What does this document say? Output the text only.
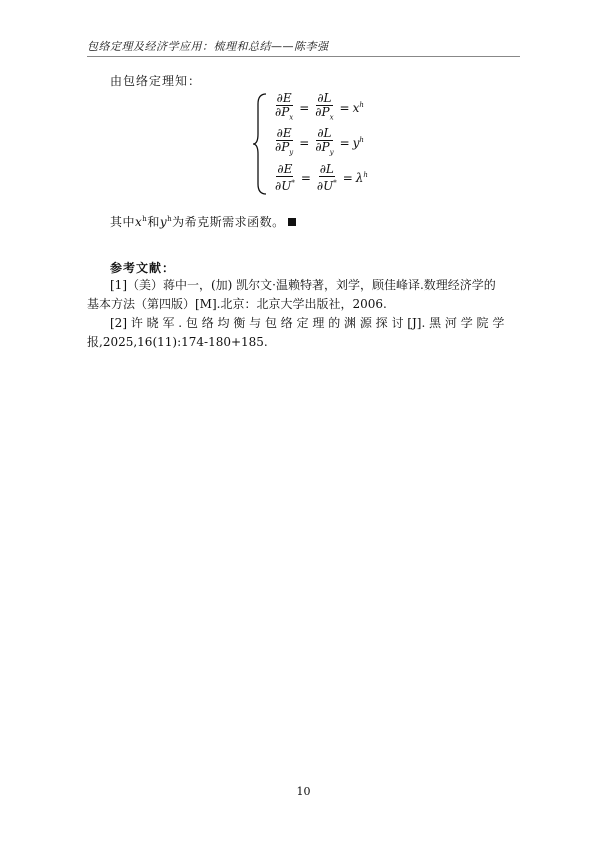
包络定理及经济学应用：梳理和总结——陈李强
由包络定理知：
$\frac{\partial E}{\partial P_x} = \frac{\partial L}{\partial P_x} = x^h$
$\frac{\partial E}{\partial P_y} = \frac{\partial L}{\partial P_y} = y^h$
$\frac{\partial E}{\partial U^*} = \frac{\partial L}{\partial U^*} = \lambda^h$
其中$x^h$和$y^h$为希克斯需求函数。
参考文献：
[1]（美）蒋中一，(加) 凯尔文·温赖特著，刘学，顾佳峰译.数理经济学的
基本方法（第四版）[M].北京：北京大学出版社，2006.
[2] 许 晓 军 . 包 络 均 衡 与 包 络 定 理 的 渊 源 探 讨 [J]. 黑 河 学 院 学
报,2025,16(11):174-180+185.
10
